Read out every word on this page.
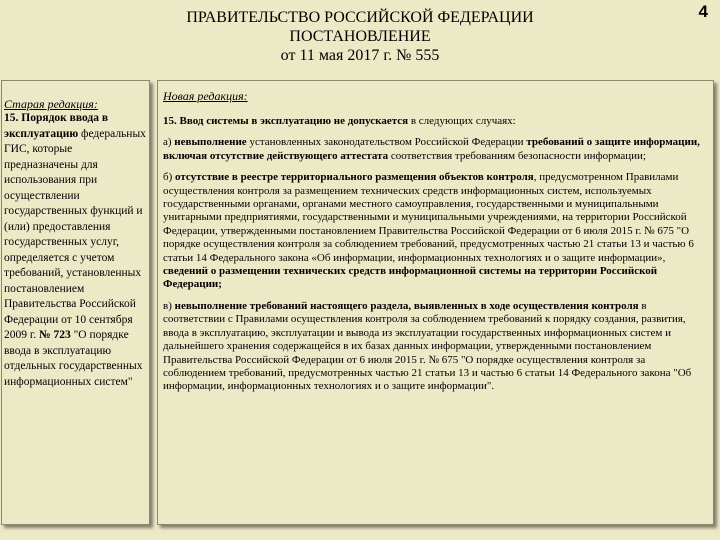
ПРАВИТЕЛЬСТВО РОССИЙСКОЙ ФЕДЕРАЦИИ
ПОСТАНОВЛЕНИЕ
от 11 мая 2017 г. № 555
4
Старая редакция:
15. Порядок ввода в эксплуатацию федеральных ГИС, которые предназначены для использования при осуществлении государственных функций и (или) предоставления государственных услуг, определяется с учетом требований, установленных постановлением Правительства Российской Федерации от 10 сентября 2009 г. № 723 "О порядке ввода в эксплуатацию отдельных государственных информационных систем"
Новая редакция:

15. Ввод системы в эксплуатацию не допускается в следующих случаях:

а) невыполнение установленных законодательством Российской Федерации требований о защите информации, включая отсутствие действующего аттестата соответствия требованиям безопасности информации;

б) отсутствие в реестре территориального размещения объектов контроля, предусмотренном Правилами осуществления контроля за размещением технических средств информационных систем, используемых государственными органами, органами местного самоуправления, государственными и муниципальными унитарными предприятиями, государственными и муниципальными учреждениями, на территории Российской Федерации, утвержденными постановлением Правительства Российской Федерации от 6 июля 2015 г. № 675 "О порядке осуществления контроля за соблюдением требований, предусмотренных частью 21 статьи 13 и частью 6 статьи 14 Федерального закона «Об информации, информационных технологиях и о защите информации», сведений о размещении технических средств информационной системы на территории Российской Федерации;

в) невыполнение требований настоящего раздела, выявленных в ходе осуществления контроля в соответствии с Правилами осуществления контроля за соблюдением требований к порядку создания, развития, ввода в эксплуатацию, эксплуатации и вывода из эксплуатации государственных информационных систем и дальнейшего хранения содержащейся в их базах данных информации, утвержденными постановлением Правительства Российской Федерации от 6 июля 2015 г. № 675 "О порядке осуществления контроля за соблюдением требований, предусмотренных частью 21 статьи 13 и частью 6 статьи 14 Федерального закона "Об информации, информационных технологиях и о защите информации".
